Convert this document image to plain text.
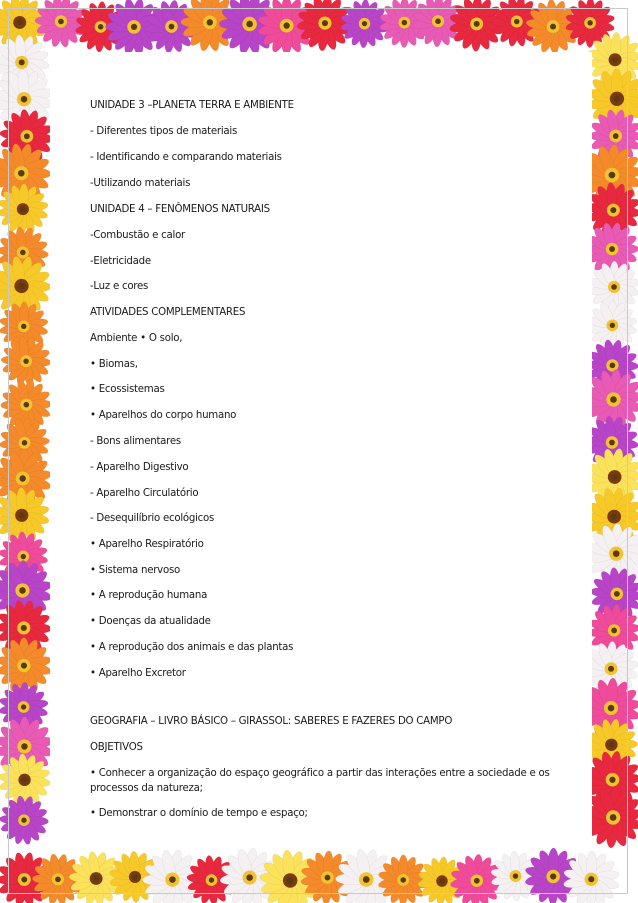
UNIDADE 3 –PLANETA TERRA E AMBIENTE
- Diferentes tipos de materiais
- Identificando e comparando materiais
-Utilizando materiais
UNIDADE 4 – FENÔMENOS NATURAIS
-Combustão e calor
-Eletricidade
-Luz e cores
ATIVIDADES COMPLEMENTARES
Ambiente • O solo,
• Biomas,
• Ecossistemas
• Aparelhos do corpo humano
- Bons alimentares
- Aparelho Digestivo
- Aparelho Circulatório
- Desequilíbrio ecológicos
• Aparelho Respiratório
• Sistema nervoso
• A reprodução humana
• Doenças da atualidade
• A reprodução dos animais e das plantas
• Aparelho Excretor
GEOGRAFIA – LIVRO BÁSICO – GIRASSOL: SABERES E FAZERES DO CAMPO
OBJETIVOS
• Conhecer a organização do espaço geográfico a partir das interações entre a sociedade e os processos da natureza;
• Demonstrar o domínio de tempo e espaço;
